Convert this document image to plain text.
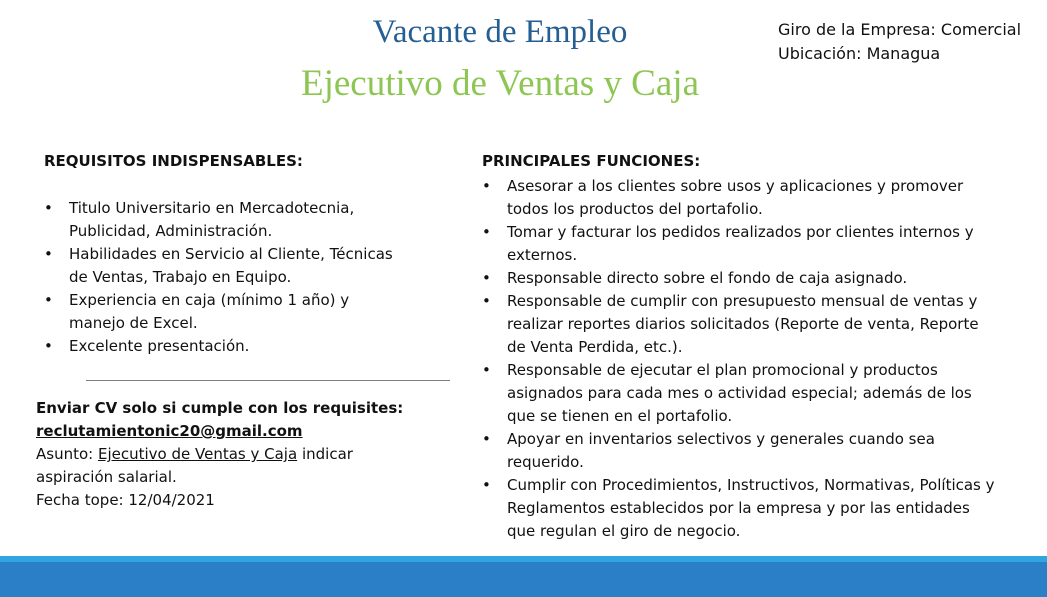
Vacante de Empleo
Ejecutivo de Ventas y Caja
Giro de la Empresa: Comercial
Ubicación: Managua
REQUISITOS INDISPENSABLES:
• Titulo Universitario en Mercadotecnia, Publicidad, Administración.
• Habilidades en Servicio al Cliente, Técnicas de Ventas, Trabajo en Equipo.
• Experiencia en caja (mínimo 1 año) y manejo de Excel.
• Excelente presentación.
PRINCIPALES FUNCIONES:
• Asesorar a los clientes sobre usos y aplicaciones y promover todos los productos del portafolio.
• Tomar y facturar los pedidos realizados por clientes internos y externos.
• Responsable directo sobre el fondo de caja asignado.
• Responsable de cumplir con presupuesto mensual de ventas y realizar reportes diarios solicitados (Reporte de venta, Reporte de Venta Perdida, etc.).
• Responsable de ejecutar el plan promocional y productos asignados para cada mes o actividad especial; además de los que se tienen en el portafolio.
• Apoyar en inventarios selectivos y generales cuando sea requerido.
• Cumplir con Procedimientos, Instructivos, Normativas, Políticas y Reglamentos establecidos por la empresa y por las entidades que regulan el giro de negocio.
Enviar CV solo si cumple con los requisites:
reclutamientonic20@gmail.com
Asunto: Ejecutivo de Ventas y Caja indicar aspiración salarial.
Fecha tope: 12/04/2021
